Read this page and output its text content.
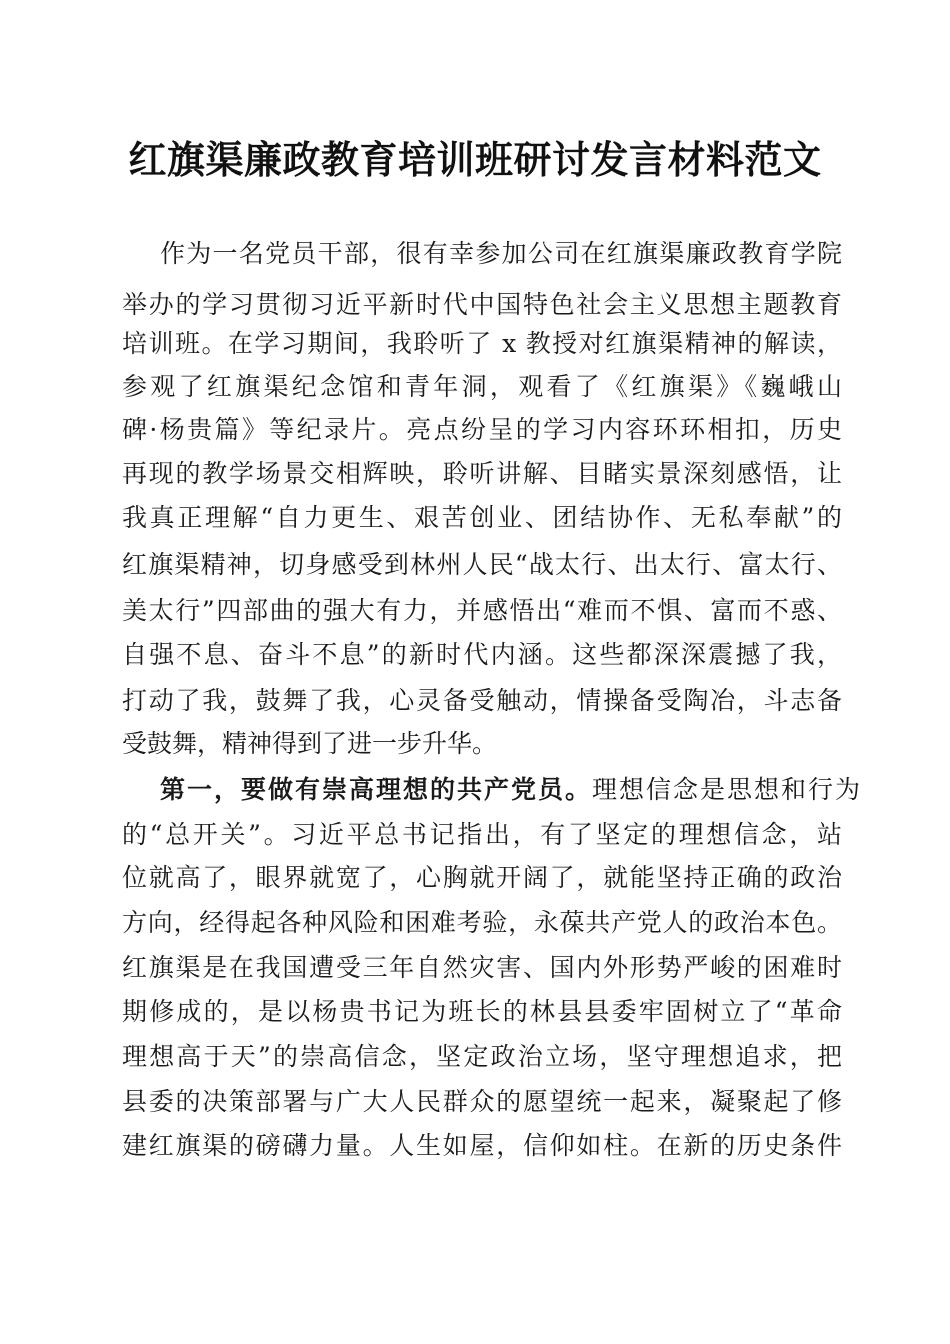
红旗渠廉政教育培训班研讨发言材料范文
作为一名党员干部，很有幸参加公司在红旗渠廉政教育学院
举办的学习贯彻习近平新时代中国特色社会主义思想主题教育
培训班。在学习期间，我聆听了 x 教授对红旗渠精神的解读，
参观了红旗渠纪念馆和青年洞，观看了《红旗渠》《巍峨山
碑·杨贵篇》等纪录片。亮点纷呈的学习内容环环相扣，历史
再现的教学场景交相辉映，聆听讲解、目睹实景深刻感悟，让
我真正理解“自力更生、艰苦创业、团结协作、无私奉献”的
红旗渠精神，切身感受到林州人民“战太行、出太行、富太行、
美太行”四部曲的强大有力，并感悟出“难而不惧、富而不惑、
自强不息、奋斗不息”的新时代内涵。这些都深深震撼了我，
打动了我，鼓舞了我，心灵备受触动，情操备受陶冶，斗志备
受鼓舞，精神得到了进一步升华。
第一，要做有崇高理想的共产党员。理想信念是思想和行为
的“总开关”。习近平总书记指出，有了坚定的理想信念，站
位就高了，眼界就宽了，心胸就开阔了，就能坚持正确的政治
方向，经得起各种风险和困难考验，永葆共产党人的政治本色。
红旗渠是在我国遭受三年自然灾害、国内外形势严峻的困难时
期修成的，是以杨贵书记为班长的林县县委牢固树立了“革命
理想高于天”的崇高信念，坚定政治立场，坚守理想追求，把
县委的决策部署与广大人民群众的愿望统一起来，凝聚起了修
建红旗渠的磅礴力量。人生如屋，信仰如柱。在新的历史条件
